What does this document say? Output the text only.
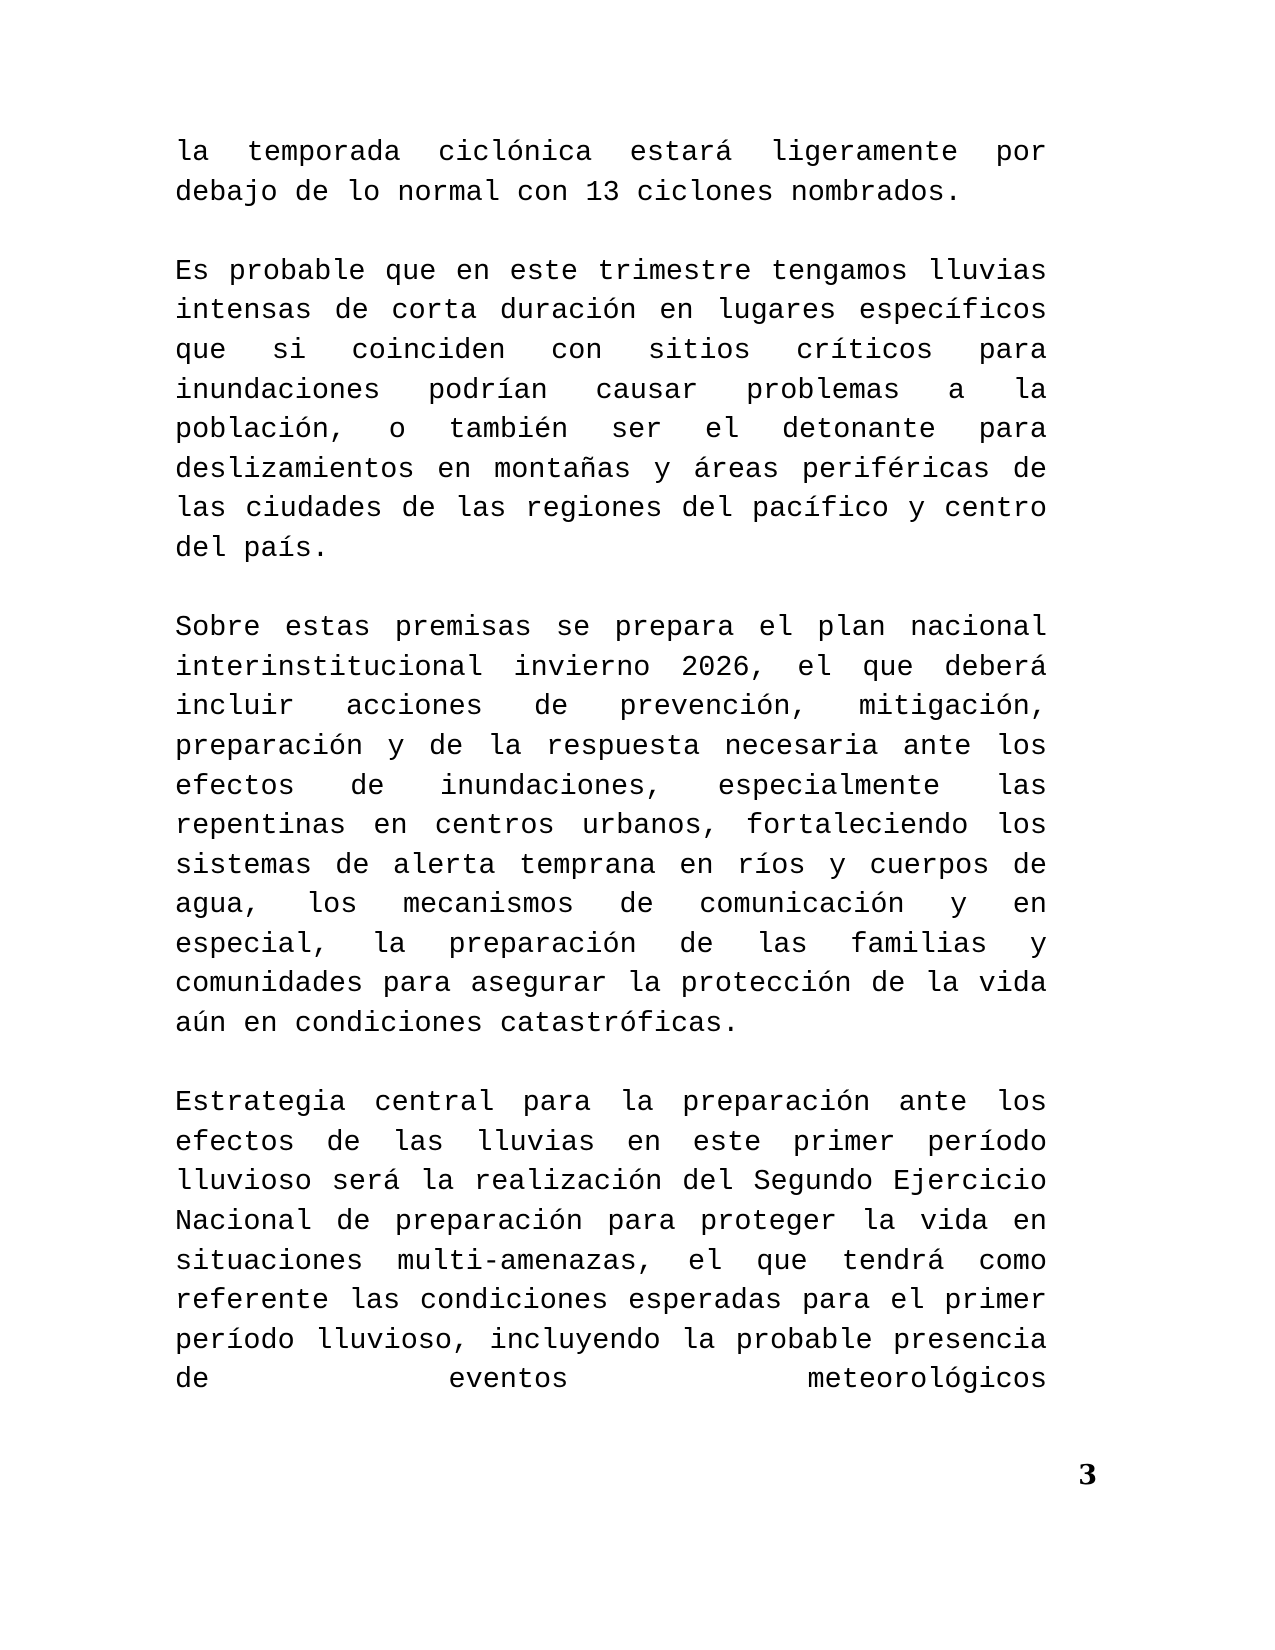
la temporada ciclónica estará ligeramente por debajo de lo normal con 13 ciclones nombrados.

Es probable que en este trimestre tengamos lluvias intensas de corta duración en lugares específicos que si coinciden con sitios críticos para inundaciones podrían causar problemas a la población, o también ser el detonante para deslizamientos en montañas y áreas periféricas de las ciudades de las regiones del pacífico y centro del país.

Sobre estas premisas se prepara el plan nacional interinstitucional invierno 2026, el que deberá incluir acciones de prevención, mitigación, preparación y de la respuesta necesaria ante los efectos de inundaciones, especialmente las repentinas en centros urbanos, fortaleciendo los sistemas de alerta temprana en ríos y cuerpos de agua, los mecanismos de comunicación y en especial, la preparación de las familias y comunidades para asegurar la protección de la vida aún en condiciones catastróficas.

Estrategia central para la preparación ante los efectos de las lluvias en este primer período lluvioso será la realización del Segundo Ejercicio Nacional de preparación para proteger la vida en situaciones multi-amenazas, el que tendrá como referente las condiciones esperadas para el primer período lluvioso, incluyendo la probable presencia de eventos meteorológicos

3
